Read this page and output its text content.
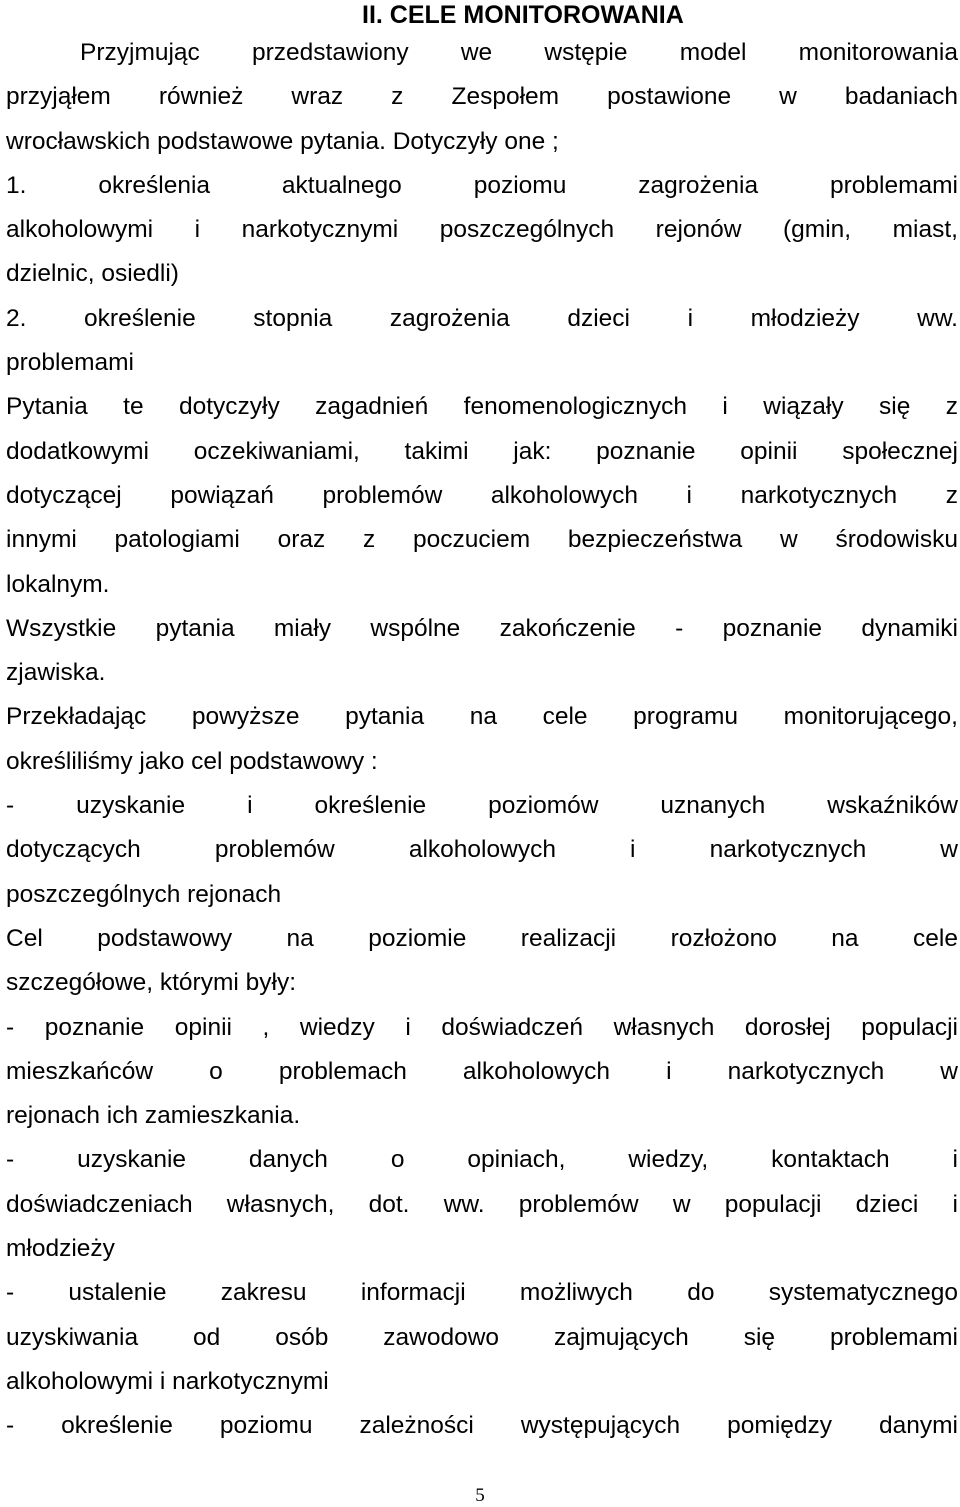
II. CELE MONITOROWANIA
Przyjmując przedstawiony we wstępie model monitorowania
przyjąłem również wraz z Zespołem postawione w badaniach
wrocławskich podstawowe pytania. Dotyczyły one ;
1. określenia aktualnego poziomu zagrożenia problemami
alkoholowymi i narkotycznymi poszczególnych rejonów (gmin, miast,
dzielnic, osiedli)
2. określenie stopnia zagrożenia dzieci i młodzieży ww.
problemami
Pytania te dotyczyły zagadnień fenomenologicznych i wiązały się z
dodatkowymi oczekiwaniami, takimi jak: poznanie opinii społecznej
dotyczącej powiązań problemów alkoholowych i narkotycznych z
innymi patologiami oraz z poczuciem bezpieczeństwa w środowisku
lokalnym.
Wszystkie pytania miały wspólne zakończenie - poznanie dynamiki
zjawiska.
Przekładając powyższe pytania na cele programu monitorującego,
określiliśmy jako cel podstawowy :
- uzyskanie i określenie poziomów uznanych wskaźników
dotyczących problemów alkoholowych i narkotycznych w
poszczególnych rejonach
Cel podstawowy na poziomie realizacji rozłożono na cele
szczegółowe, którymi były:
- poznanie opinii , wiedzy i doświadczeń własnych dorosłej populacji
mieszkańców o problemach alkoholowych i narkotycznych w
rejonach ich zamieszkania.
- uzyskanie danych o opiniach, wiedzy, kontaktach i
doświadczeniach własnych, dot. ww. problemów w populacji dzieci i
młodzieży
- ustalenie zakresu informacji możliwych do systematycznego
uzyskiwania od osób zawodowo zajmujących się problemami
alkoholowymi i narkotycznymi
- określenie poziomu zależności występujących pomiędzy danymi
5
